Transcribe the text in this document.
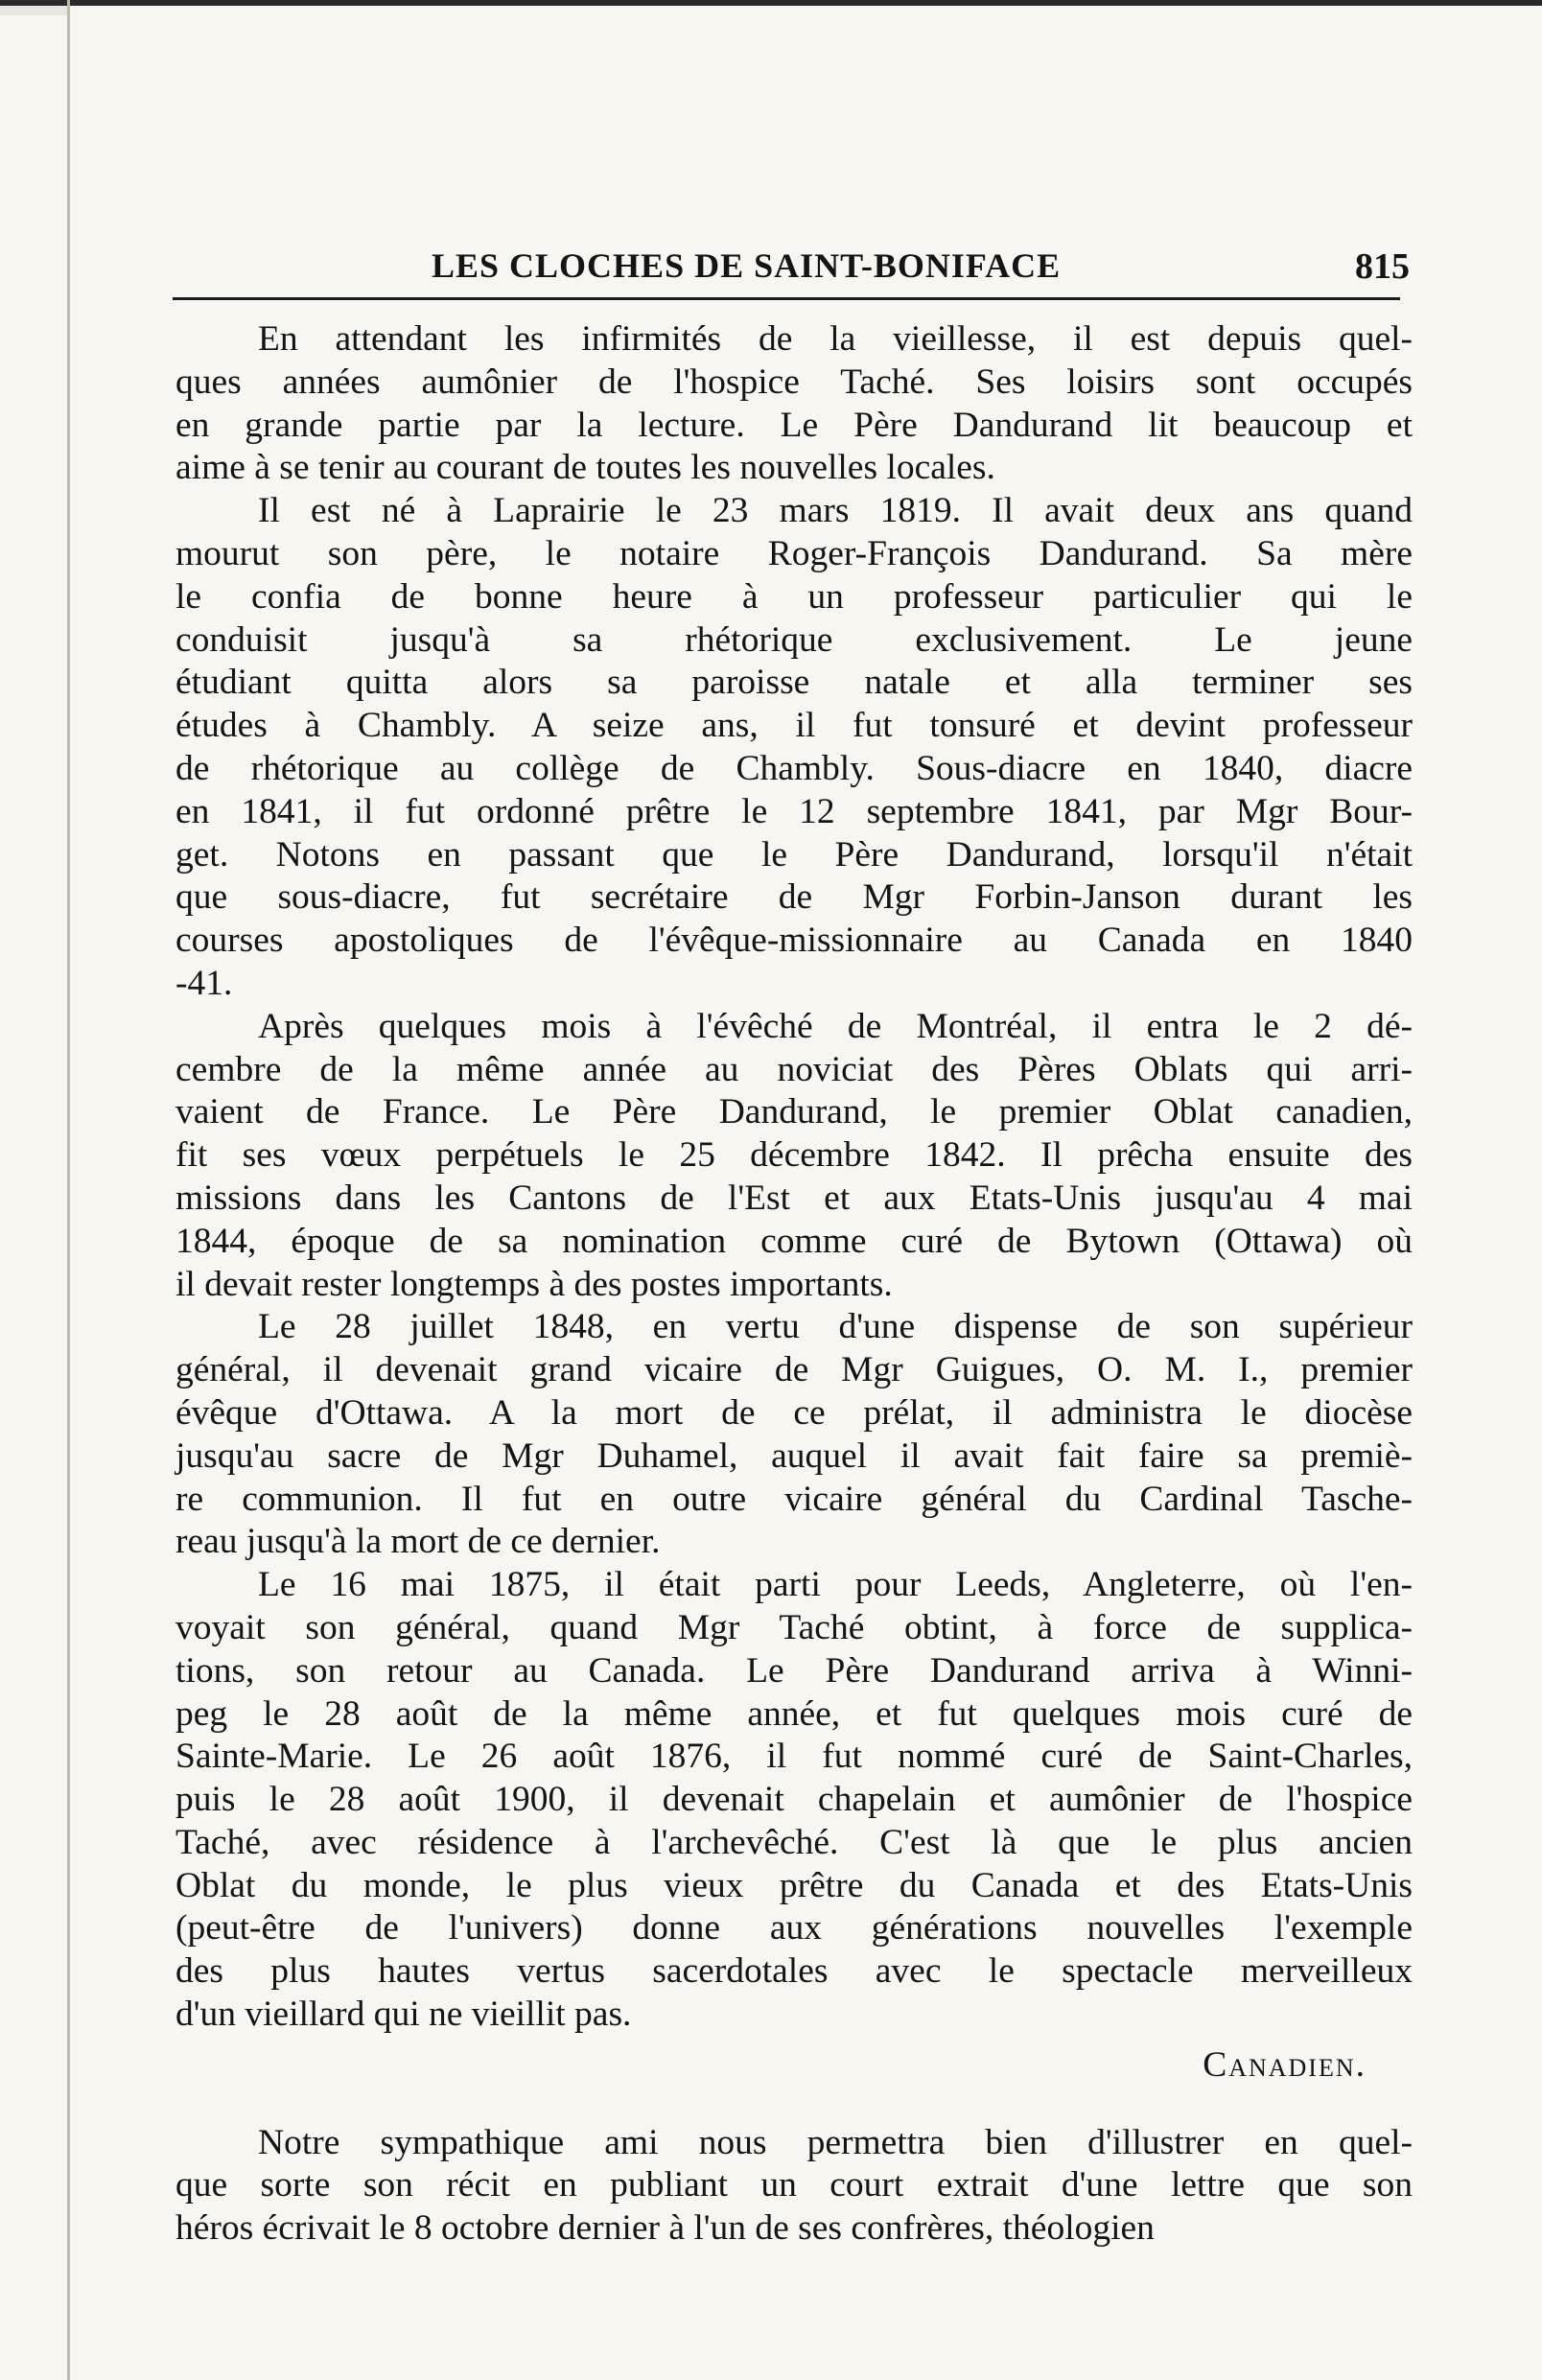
LES CLOCHES DE SAINT-BONIFACE	815
En attendant les infirmités de la vieillesse, il est depuis quel-
ques années aumônier de l'hospice Taché. Ses loisirs sont occupés
en grande partie par la lecture. Le Père Dandurand lit beaucoup et
aime à se tenir au courant de toutes les nouvelles locales.
Il est né à Laprairie le 23 mars 1819. Il avait deux ans quand
mourut son père, le notaire Roger-François Dandurand. Sa mère
le confia de bonne heure à un professeur particulier qui le
conduisit jusqu'à sa rhétorique exclusivement. Le jeune
étudiant quitta alors sa paroisse natale et alla terminer ses
études à Chambly. A seize ans, il fut tonsuré et devint professeur
de rhétorique au collège de Chambly. Sous-diacre en 1840, diacre
en 1841, il fut ordonné prêtre le 12 septembre 1841, par Mgr Bour-
get. Notons en passant que le Père Dandurand, lorsqu'il n'était
que sous-diacre, fut secrétaire de Mgr Forbin-Janson durant les
courses apostoliques de l'évêque-missionnaire au Canada en 1840
-41.
Après quelques mois à l'évêché de Montréal, il entra le 2 dé-
cembre de la même année au noviciat des Pères Oblats qui arri-
vaient de France. Le Père Dandurand, le premier Oblat canadien,
fit ses vœux perpétuels le 25 décembre 1842. Il prêcha ensuite des
missions dans les Cantons de l'Est et aux Etats-Unis jusqu'au 4 mai
1844, époque de sa nomination comme curé de Bytown (Ottawa) où
il devait rester longtemps à des postes importants.
Le 28 juillet 1848, en vertu d'une dispense de son supérieur
général, il devenait grand vicaire de Mgr Guigues, O. M. I., premier
évêque d'Ottawa. A la mort de ce prélat, il administra le diocèse
jusqu'au sacre de Mgr Duhamel, auquel il avait fait faire sa premiè-
re communion. Il fut en outre vicaire général du Cardinal Tasche-
reau jusqu'à la mort de ce dernier.
Le 16 mai 1875, il était parti pour Leeds, Angleterre, où l'en-
voyait son général, quand Mgr Taché obtint, à force de supplica-
tions, son retour au Canada. Le Père Dandurand arriva à Winni-
peg le 28 août de la même année, et fut quelques mois curé de
Sainte-Marie. Le 26 août 1876, il fut nommé curé de Saint-Charles,
puis le 28 août 1900, il devenait chapelain et aumônier de l'hospice
Taché, avec résidence à l'archevêché. C'est là que le plus ancien
Oblat du monde, le plus vieux prêtre du Canada et des Etats-Unis
(peut-être de l'univers) donne aux générations nouvelles l'exemple
des plus hautes vertus sacerdotales avec le spectacle merveilleux
d'un vieillard qui ne vieillit pas.
Canadien.
Notre sympathique ami nous permettra bien d'illustrer en quel-
que sorte son récit en publiant un court extrait d'une lettre que son
héros écrivait le 8 octobre dernier à l'un de ses confrères, théologien
